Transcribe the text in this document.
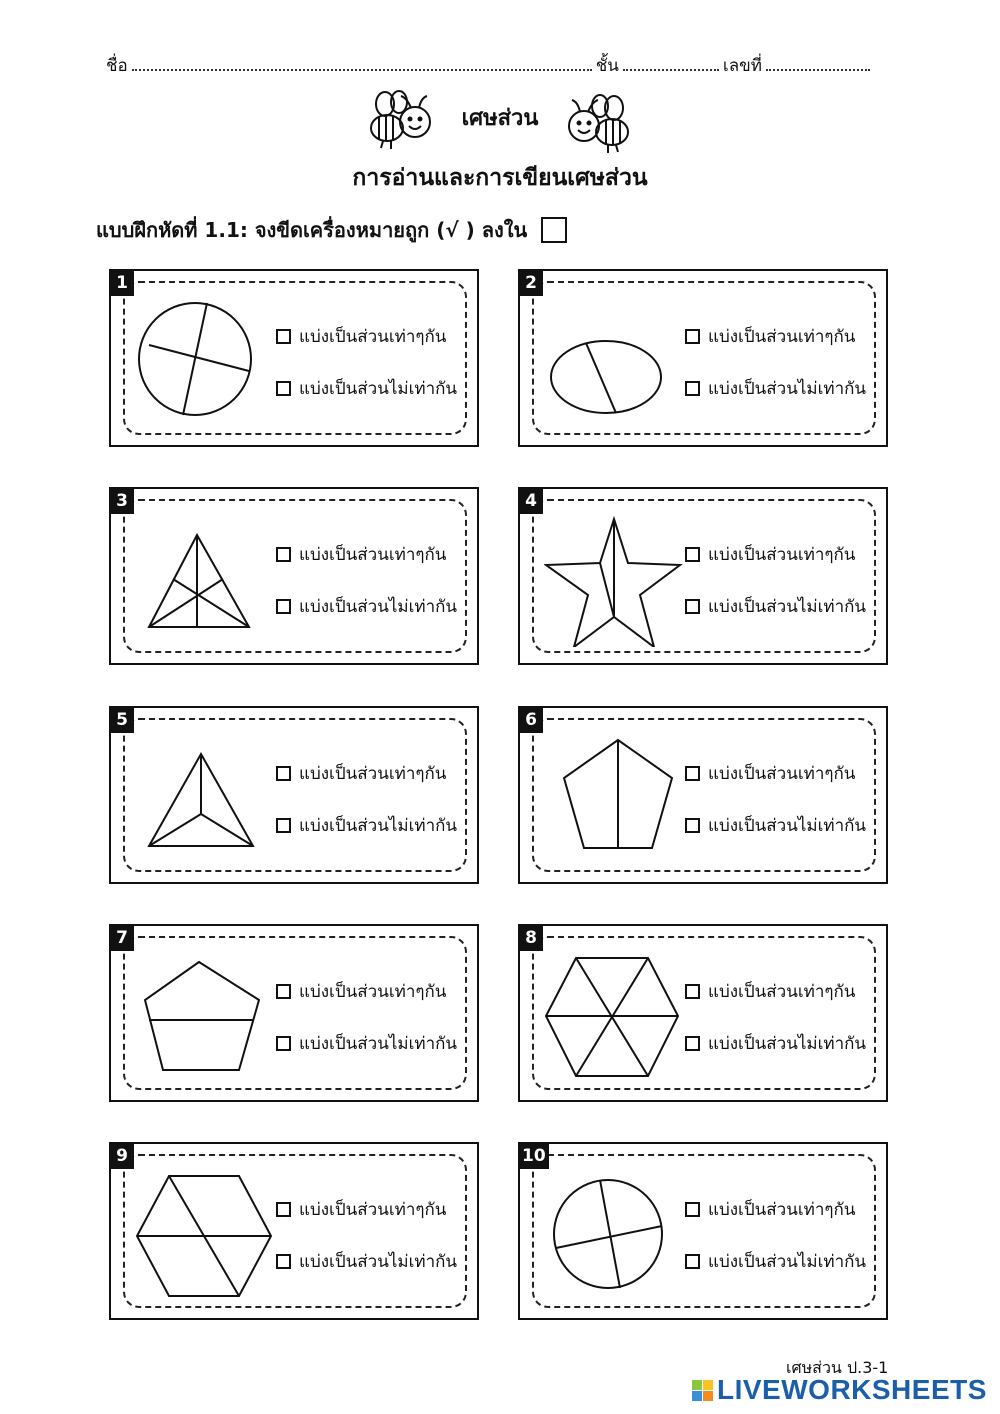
ชื่อ	ชั้น	เลขที่
เศษส่วน
การอ่านและการเขียนเศษส่วน
แบบฝึกหัดที่ 1.1: จงขีดเครื่องหมายถูก (√ ) ลงใน
1
แบ่งเป็นส่วนเท่าๆกัน
แบ่งเป็นส่วนไม่เท่ากัน
2
แบ่งเป็นส่วนเท่าๆกัน
แบ่งเป็นส่วนไม่เท่ากัน
3
แบ่งเป็นส่วนเท่าๆกัน
แบ่งเป็นส่วนไม่เท่ากัน
4
แบ่งเป็นส่วนเท่าๆกัน
แบ่งเป็นส่วนไม่เท่ากัน
5
แบ่งเป็นส่วนเท่าๆกัน
แบ่งเป็นส่วนไม่เท่ากัน
6
แบ่งเป็นส่วนเท่าๆกัน
แบ่งเป็นส่วนไม่เท่ากัน
7
แบ่งเป็นส่วนเท่าๆกัน
แบ่งเป็นส่วนไม่เท่ากัน
8
แบ่งเป็นส่วนเท่าๆกัน
แบ่งเป็นส่วนไม่เท่ากัน
9
แบ่งเป็นส่วนเท่าๆกัน
แบ่งเป็นส่วนไม่เท่ากัน
10
แบ่งเป็นส่วนเท่าๆกัน
แบ่งเป็นส่วนไม่เท่ากัน
เศษส่วน ป.3-1
LIVEWORKSHEETS
